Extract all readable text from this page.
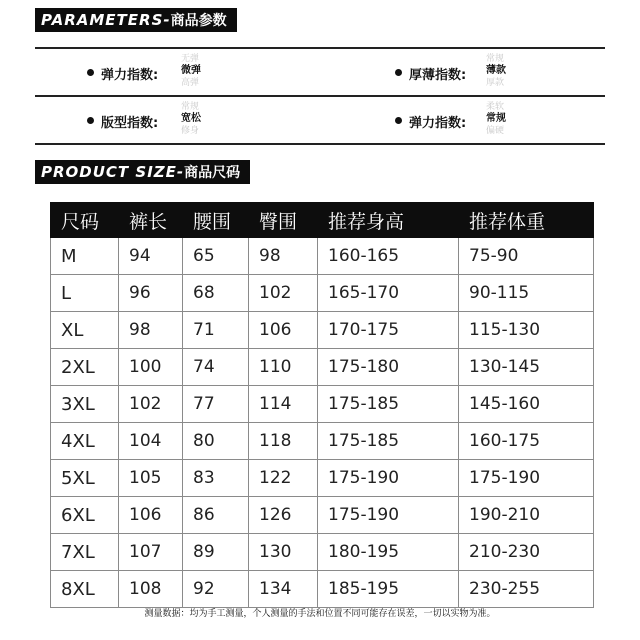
PARAMETERS-商品参数
弹力指数:
无弹
微弹
高弹	厚薄指数:
常规
薄款
厚款
版型指数:
常规
宽松
修身	弹力指数:
柔软
常规
偏硬
PRODUCT SIZE-商品尺码
尺码	裤长	腰围	臀围	推荐身高	推荐体重
M	94	65	98	160-165	75-90
L	96	68	102	165-170	90-115
XL	98	71	106	170-175	115-130
2XL	100	74	110	175-180	130-145
3XL	102	77	114	175-185	145-160
4XL	104	80	118	175-185	160-175
5XL	105	83	122	175-190	175-190
6XL	106	86	126	175-190	190-210
7XL	107	89	130	180-195	210-230
8XL	108	92	134	185-195	230-255
测量数据：均为手工测量，个人测量的手法和位置不同可能存在误差，一切以实物为准。
